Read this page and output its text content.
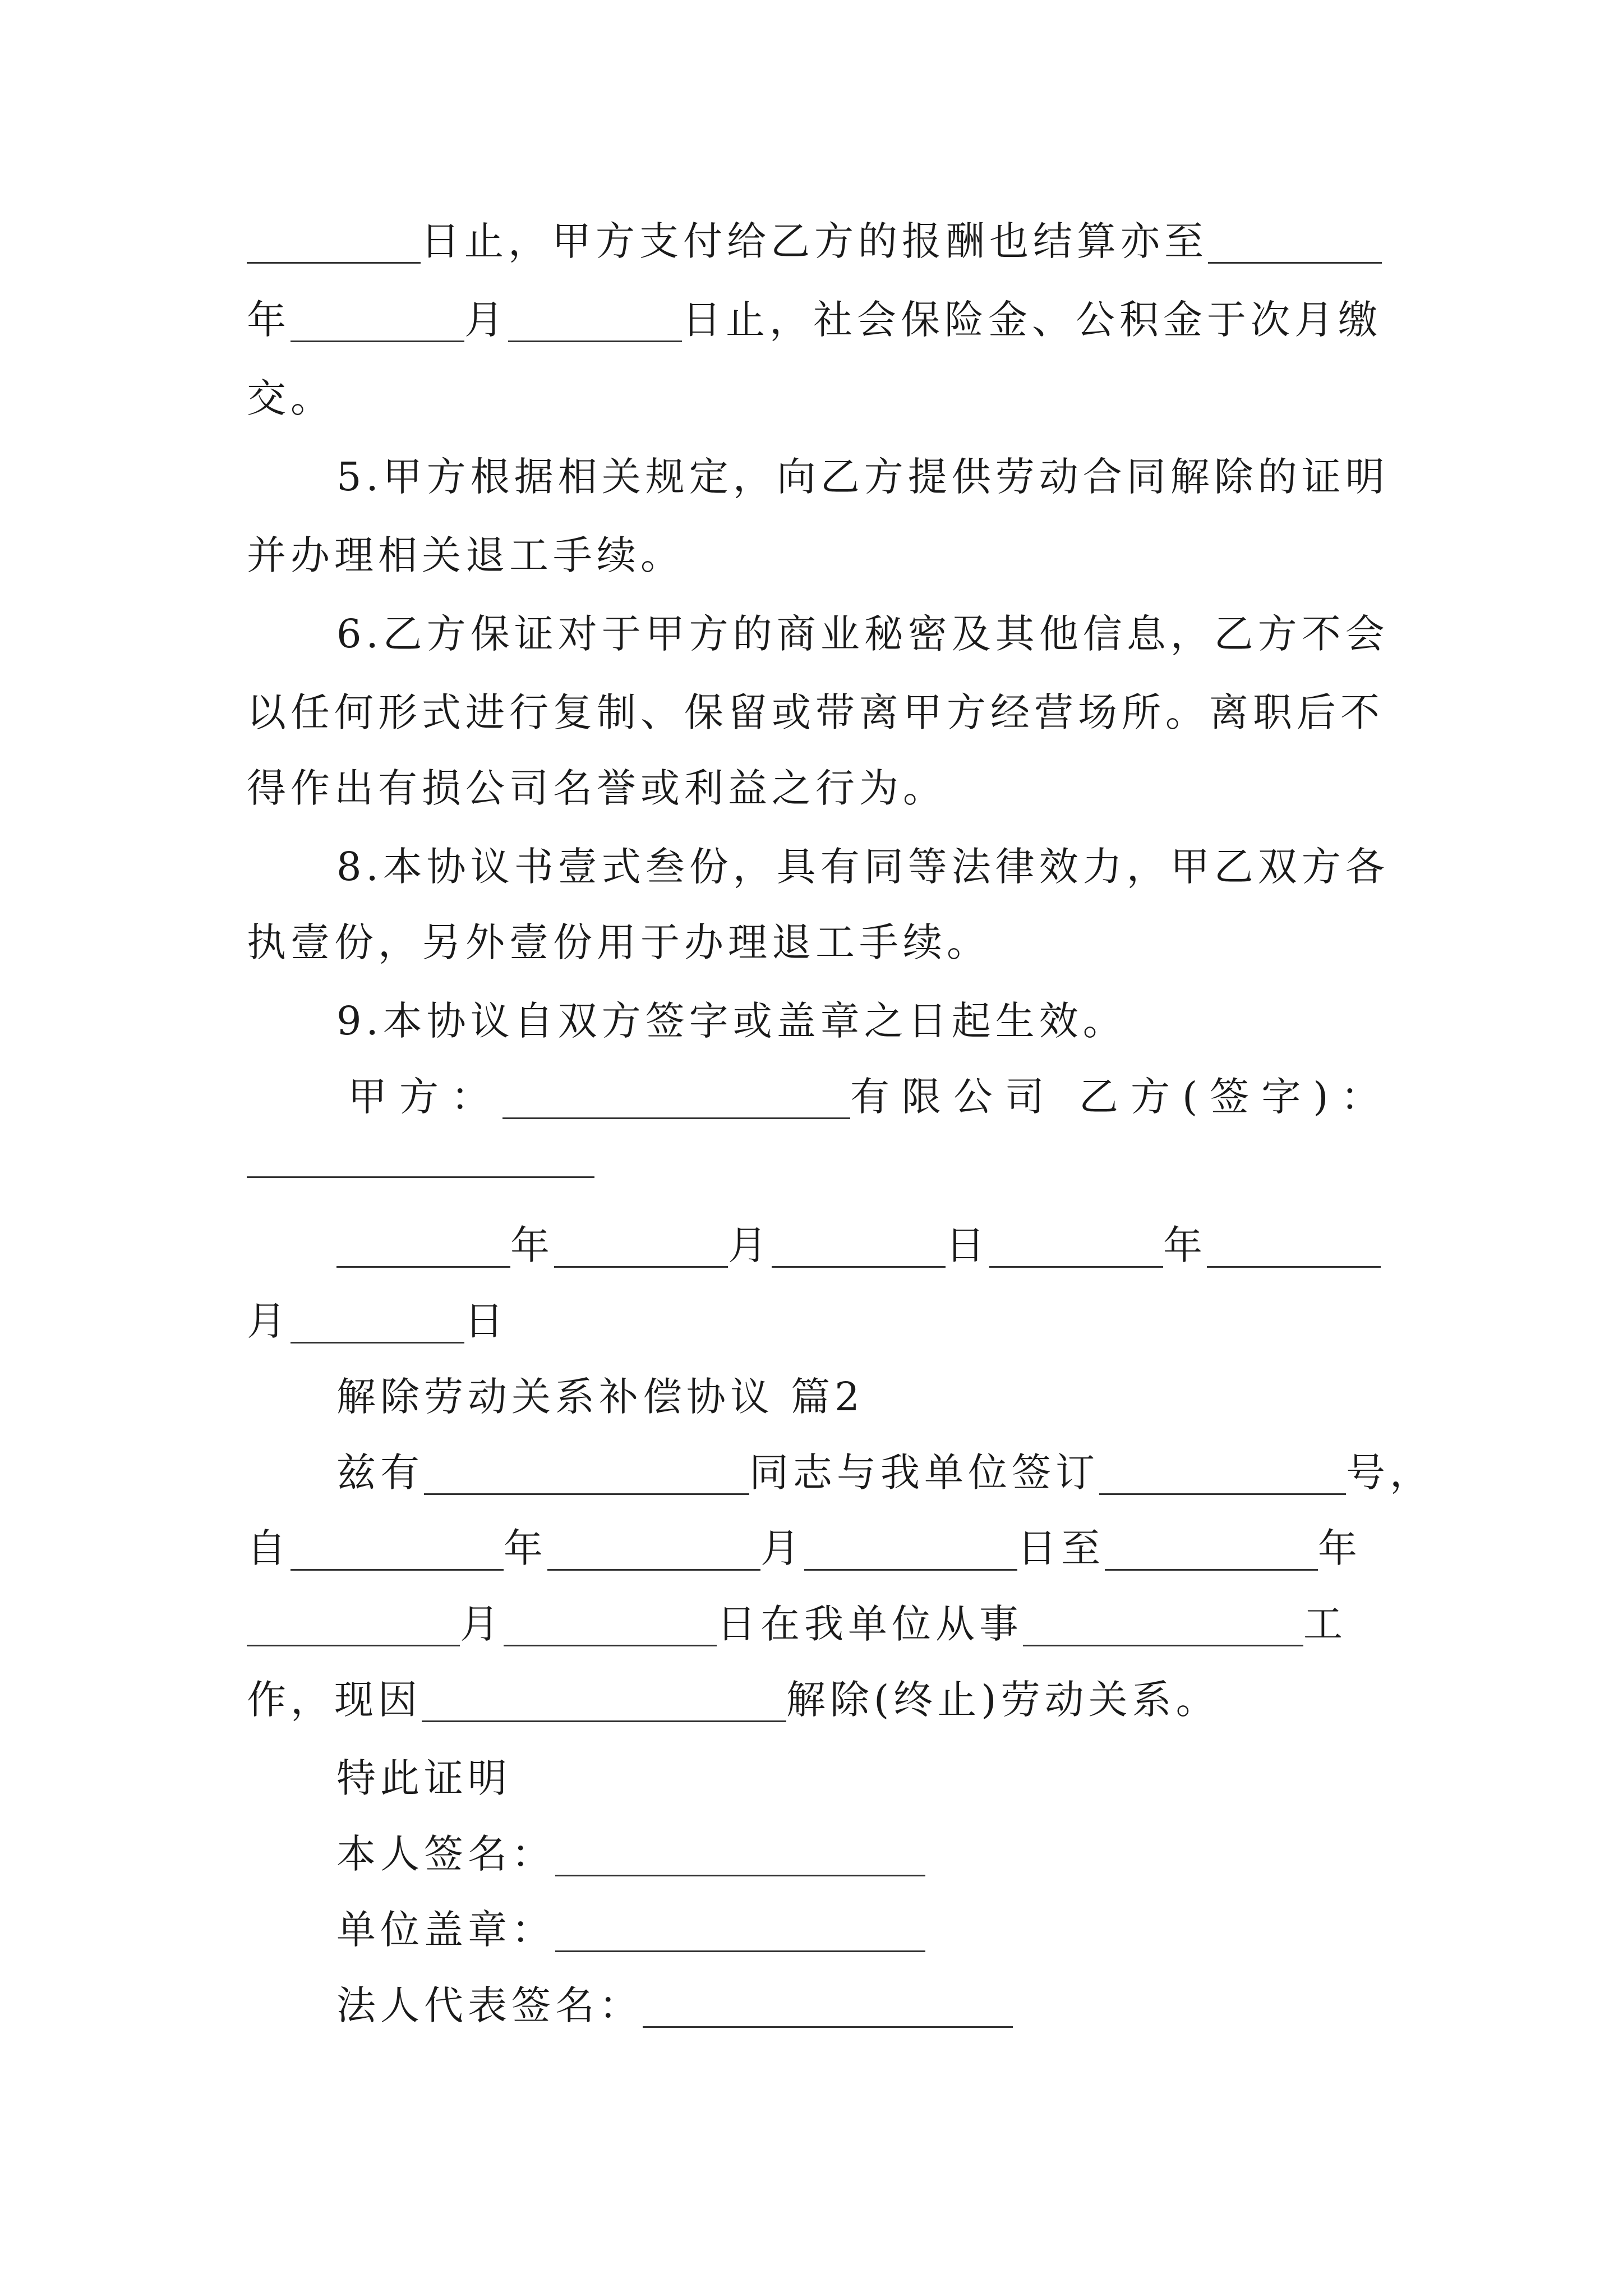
日止，甲方支付给乙方的报酬也结算亦至
年	月	日止，社会保险金、公积金于次月缴
交。
5.甲方根据相关规定，向乙方提供劳动合同解除的证明
并办理相关退工手续。
6.乙方保证对于甲方的商业秘密及其他信息，乙方不会
以任何形式进行复制、保留或带离甲方经营场所。离职后不
得作出有损公司名誉或利益之行为。
8.本协议书壹式叁份，具有同等法律效力，甲乙双方各
执壹份，另外壹份用于办理退工手续。
9.本协议自双方签字或盖章之日起生效。
甲方：	有限公司 乙方(签字)：
年	月	日	年
月	日
解除劳动关系补偿协议 篇2
兹有	同志与我单位签订	号，
自	年	月	日至	年
月	日在我单位从事	工
作，现因	解除(终止)劳动关系。
特此证明
本人签名：
单位盖章：
法人代表签名：
